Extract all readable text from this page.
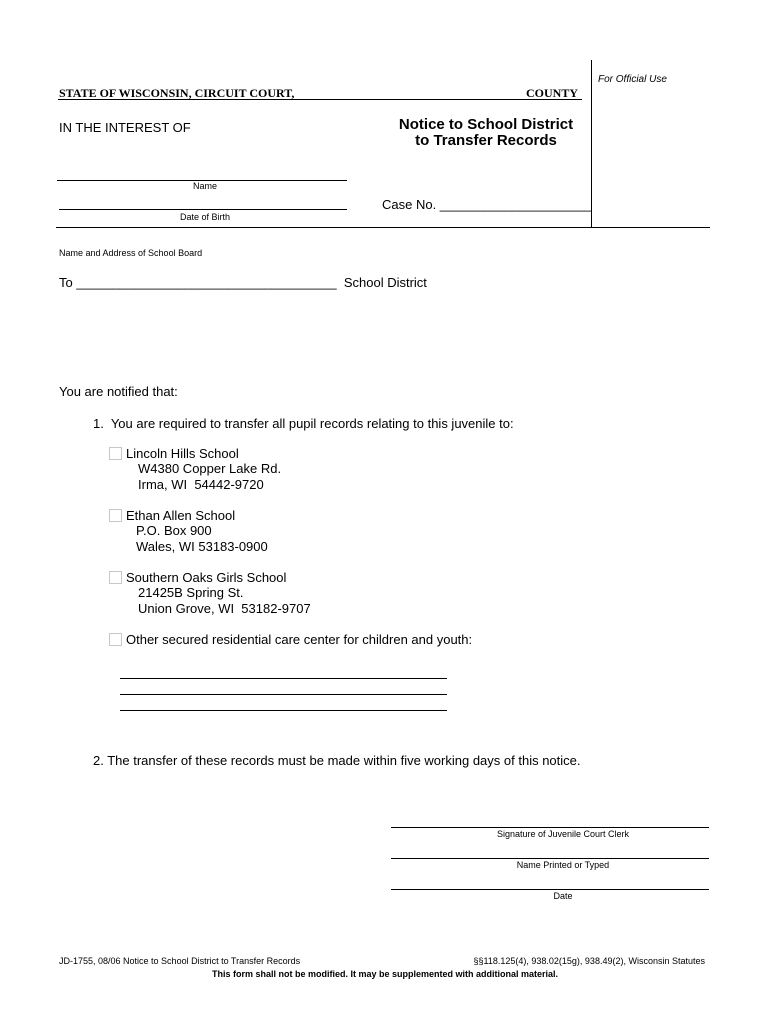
For Official Use
STATE OF WISCONSIN, CIRCUIT COURT,	COUNTY
IN THE INTEREST OF	Notice to School District
to Transfer Records
Name
Date of Birth
Case No. _____________________
Name and Address of School Board
To ____________________________________  School District
You are notified that:
1.  You are required to transfer all pupil records relating to this juvenile to:
Lincoln Hills School
W4380 Copper Lake Rd.
Irma, WI  54442-9720
Ethan Allen School
P.O. Box 900
Wales, WI 53183-0900
Southern Oaks Girls School
21425B Spring St.
Union Grove, WI  53182-9707
Other secured residential care center for children and youth:
2. The transfer of these records must be made within five working days of this notice.
Signature of Juvenile Court Clerk
Name Printed or Typed
Date
JD-1755, 08/06 Notice to School District to Transfer Records	§§118.125(4), 938.02(15g), 938.49(2), Wisconsin Statutes
This form shall not be modified. It may be supplemented with additional material.
